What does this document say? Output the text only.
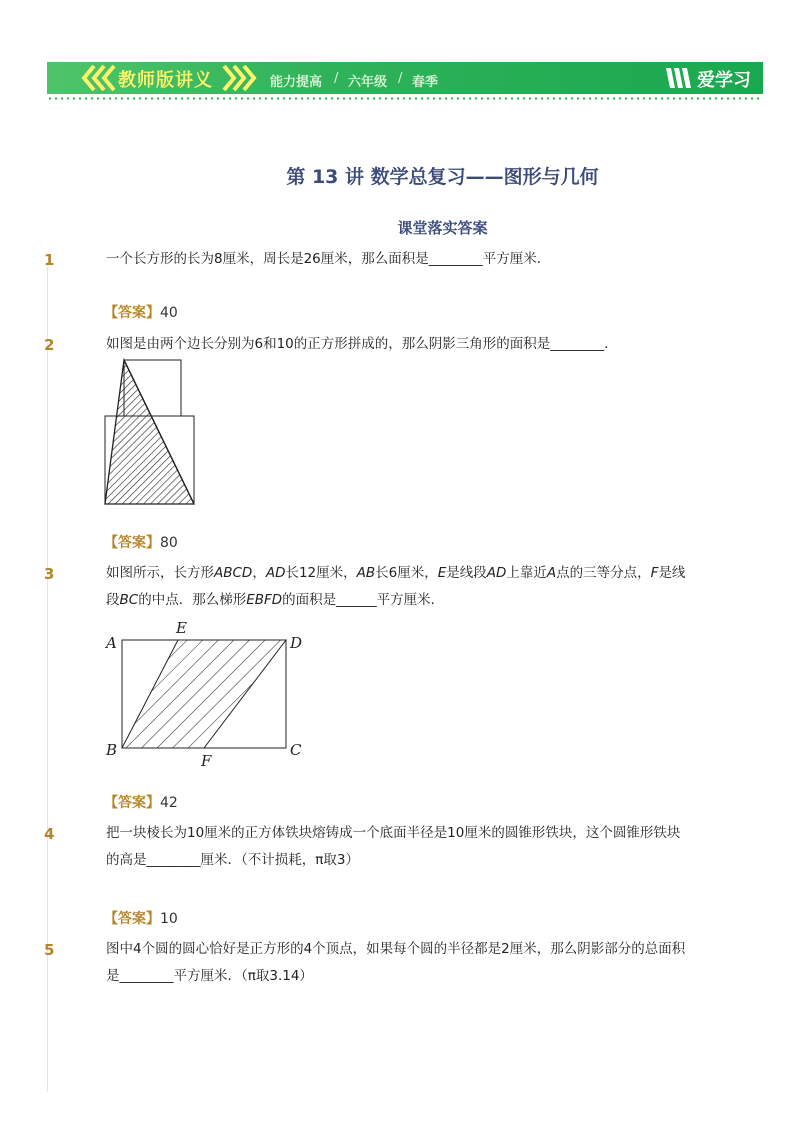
教师版讲义	能力提高 / 六年级 / 春季	爱学习
第 13 讲 数学总复习——图形与几何
课堂落实答案
1	一个长方形的长为8厘米，周长是26厘米，那么面积是________平方厘米．
【答案】40
2	如图是由两个边长分别为6和10的正方形拼成的，那么阴影三角形的面积是________．
【答案】80
3	如图所示，长方形ABCD，AD长12厘米，AB长6厘米，E是线段AD上靠近A点的三等分点，F是线
段BC的中点．那么梯形EBFD的面积是______平方厘米．
A
E
D
B
F
C
【答案】42
4	把一块棱长为10厘米的正方体铁块熔铸成一个底面半径是10厘米的圆锥形铁块，这个圆锥形铁块
的高是________厘米．（不计损耗，π取3）
【答案】10
5	图中4个圆的圆心恰好是正方形的4个顶点，如果每个圆的半径都是2厘米，那么阴影部分的总面积
是________平方厘米．（π取3.14）
